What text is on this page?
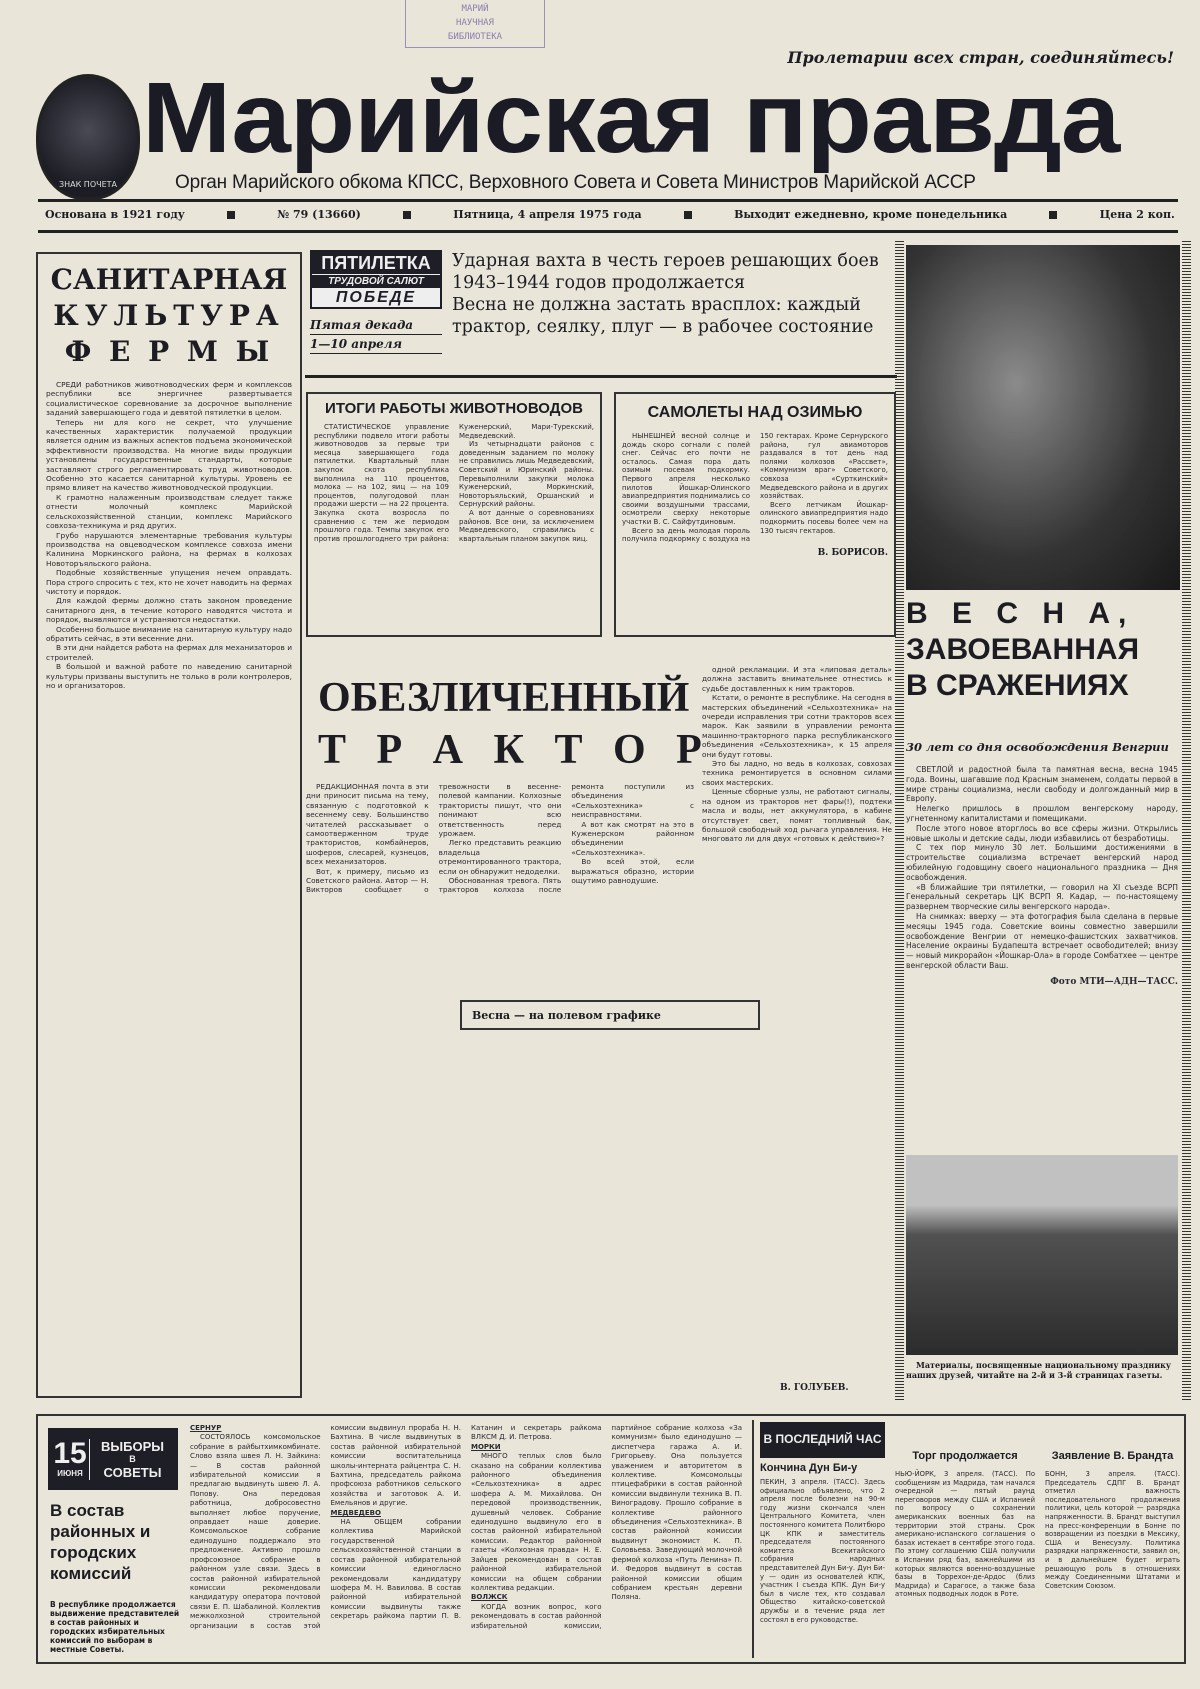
МАРИЙ
НАУЧНАЯ
БИБЛИОТЕКА
ЗНАК ПОЧЕТА
Марийская правда
Пролетарии всех стран, соединяйтесь!
Орган Марийского обкома КПСС, Верховного Совета и Совета Министров Марийской АССР
Основана в 1921 году	№ 79 (13660)	Пятница, 4 апреля 1975 года	Выходит ежедневно, кроме понедельника	Цена 2 коп.
САНИТАРНАЯ
КУЛЬТУРА
Ф Е Р М Ы

СРЕДИ работников животноводческих ферм и комплексов республики все энергичнее развертывается социалистическое соревнование за досрочное выполнение заданий завершающего года и девятой пятилетки в целом.

Теперь ни для кого не секрет, что улучшение качественных характеристик получаемой продукции является одним из важных аспектов подъема экономической эффективности производства. На многие виды продукции установлены государственные стандарты, которые заставляют строго регламентировать труд животноводов. Особенно это касается санитарной культуры. Уровень ее прямо влияет на качество животноводческой продукции.

К грамотно налаженным производствам следует также отнести молочный комплекс Марийской сельскохозяйственной станции, комплекс Марийского совхоза-техникума и ряд других.

Грубо нарушаются элементарные требования культуры производства на овцеводческом комплексе совхоза имени Калинина Моркинского района, на фермах в колхозах Новоторъяльского района.

Подобные хозяйственные упущения нечем оправдать. Пора строго спросить с тех, кто не хочет наводить на фермах чистоту и порядок.

Для каждой фермы должно стать законом проведение санитарного дня, в течение которого наводятся чистота и порядок, выявляются и устраняются недостатки.

Особенно большое внимание на санитарную культуру надо обратить сейчас, в эти весенние дни.

В эти дни найдется работа на фермах для механизаторов и строителей.

В большой и важной работе по наведению санитарной культуры призваны выступить не только в роли контролеров, но и организаторов.

ПЯТИЛЕТКА
ТРУДОВОЙ САЛЮТ
ПОБЕДЕ
Пятая декада
1—10 апреля
Ударная вахта в честь героев решающих боев 1943–1944 годов продолжается
Весна не должна застать врасплох: каждый трактор, сеялку, плуг — в рабочее состояние
ИТОГИ РАБОТЫ ЖИВОТНОВОДОВ

СТАТИСТИЧЕСКОЕ управление республики подвело итоги работы животноводов за первые три месяца завершающего года пятилетки. Квартальный план закупок скота республика выполнила на 110 процентов, молока — на 102, яиц — на 109 процентов, полугодовой план продажи шерсти — на 22 процента. Закупка скота возросла по сравнению с тем же периодом прошлого года. Темпы закупок его против прошлогоднего три района: Куженерский, Мари-Турекский, Медведевский.

Из четырнадцати районов с доведенным заданием по молоку не справились лишь Медведевский, Советский и Юринский районы. Перевыполнили закупки молока Куженерский, Моркинский, Новоторъяльский, Оршанский и Сернурский районы.

А вот данные о соревнованиях районов. Все они, за исключением Медведевского, справились с квартальным планом закупок яиц.

САМОЛЕТЫ НАД ОЗИМЬЮ

НЫНЕШНЕЙ весной солнце и дождь скоро согнали с полей снег. Сейчас его почти не осталось. Самая пора дать озимым посевам подкормку. Первого апреля несколько пилотов Йошкар-Олинского авиапредприятия поднимались со своими воздушными трассами, осмотрели сверху некоторые участки В. С. Сайфутдиновым.

Всего за день молодая пороль получила подкормку с воздуха на 150 гектарах. Кроме Сернурского района, гул авиамоторов раздавался в тот день над полями колхозов «Рассвет», «Коммунизм враг» Советского, совхоза «Сурткинский» Медведевского района и в других хозяйствах.

Всего летчикам Йошкар-олинского авиапредприятия надо подкормить посевы более чем на 130 тысяч гектаров.

В. БОРИСОВ.
ОБЕЗЛИЧЕННЫЙ
Т Р А К Т О Р

одной рекламации. И эта «липовая деталь» должна заставить внимательнее отнестись к судьбе доставленных к ним тракторов.

Кстати, о ремонте в республике. На сегодня в мастерских объединений «Сельхозтехника» на очереди исправления три сотни тракторов всех марок. Как заявили в управлении ремонта машинно-тракторного парка республиканского объединения «Сельхозтехника», к 15 апреля они будут готовы.

Это бы ладно, но ведь в колхозах, совхозах техника ремонтируется в основном силами своих мастерских.

Ценные сборные узлы, не работают сигналы, на одном из тракторов нет фары(!), подтеки масла и воды, нет аккумулятора, в кабине отсутствует свет, помят топливный бак, большой свободный ход рычага управления. Не многовато ли для двух «готовых к действию»?

РЕДАКЦИОННАЯ почта в эти дни приносит письма на тему, связанную с подготовкой к весеннему севу. Большинство читателей рассказывает о самоотверженном труде трактористов, комбайнеров, шоферов, слесарей, кузнецов, всех механизаторов.

Вот, к примеру, письмо из Советского района. Автор — Н. Викторов сообщает о тревожности в весенне-полевой кампании. Колхозные трактористы пишут, что они понимают всю ответственность перед урожаем.

Легко представить реакцию владельца отремонтированного трактора, если он обнаружит недоделки.

Обоснованная тревога. Пять тракторов колхоза после ремонта поступили из объединения «Сельхозтехника» с неисправностями.

А вот как смотрят на это в Куженерском районном объединении «Сельхозтехника».

Во всей этой, если выражаться образно, истории ощутимо равнодушие.

Весна — на полевом графике
В. ГОЛУБЕВ.
В Е С Н А,
ЗАВОЕВАННАЯ
В СРАЖЕНИЯХ
30 лет со дня освобождения Венгрии

СВЕТЛОЙ и радостной была та памятная весна, весна 1945 года. Воины, шагавшие под Красным знаменем, солдаты первой в мире страны социализма, несли свободу и долгожданный мир в Европу.

Нелегко пришлось в прошлом венгерскому народу, угнетенному капиталистами и помещиками.

После этого новое вторглось во все сферы жизни. Открылись новые школы и детские сады, люди избавились от безработицы.

С тех пор минуло 30 лет. Большими достижениями в строительстве социализма встречает венгерский народ юбилейную годовщину своего национального праздника — Дня освобождения.

«В ближайшие три пятилетки, — говорил на XI съезде ВСРП Генеральный секретарь ЦК ВСРП Я. Кадар, — по-настоящему развернем творческие силы венгерского народа».

На снимках: вверху — эта фотография была сделана в первые месяцы 1945 года. Советские воины совместно завершили освобождение Венгрии от немецко-фашистских захватчиков. Население окраины Будапешта встречает освободителей; внизу — новый микрорайон «Йошкар-Ола» в городе Сомбатхее — центре венгерской области Ваш.

Фото МТИ—АДН—ТАСС.
Материалы, посвященные национальному празднику наших друзей, читайте на 2-й и 3-й страницах газеты.
15
ИЮНЯ
ВЫБОРЫ
В
СОВЕТЫ
В состав районных и городских комиссий
В республике продолжается выдвижение представителей в состав районных и городских избирательных комиссий по выборам в местные Советы.
СЕРНУР

СОСТОЯЛОСЬ комсомольское собрание в райбытхимкомбинате. Слово взяла швея Л. Н. Зайкина: — В состав районной избирательной комиссии я предлагаю выдвинуть швею Л. А. Попову. Она передовая работница, добросовестно выполняет любое поручение, оправдает наше доверие. Комсомольское собрание единодушно поддержало это предложение. Активно прошло профсоюзное собрание в районном узле связи. Здесь в состав районной избирательной комиссии рекомендовали кандидатуру оператора почтовой связи Е. П. Шабалиной. Коллектив межколхозной строительной организации в состав этой комиссии выдвинул прораба Н. Н. Бахтина. В числе выдвинутых в состав районной избирательной комиссии воспитательница школы-интерната райцентра С. Н. Бахтина, председатель райкома профсоюза работников сельского хозяйства и заготовок А. И. Емельянов и другие.

МЕДВЕДЕВО

НА ОБЩЕМ собрании коллектива Марийской государственной сельскохозяйственной станции в состав районной избирательной комиссии единогласно рекомендовали кандидатуру шофера М. Н. Вавилова. В состав районной избирательной комиссии выдвинуты также секретарь райкома партии П. В. Катанин и секретарь райкома ВЛКСМ Д. И. Петрова.

МОРКИ

МНОГО теплых слов было сказано на собрании коллектива районного объединения «Сельхозтехника» в адрес шофера А. М. Михайлова. Он передовой производственник, душевный человек. Собрание единодушно выдвинуло его в состав районной избирательной комиссии. Редактор районной газеты «Колхозная правда» Н. Е. Зайцев рекомендован в состав районной избирательной комиссии на общем собрании коллектива редакции.

ВОЛЖСК

КОГДА возник вопрос, кого рекомендовать в состав районной избирательной комиссии, партийное собрание колхоза «За коммунизм» было единодушно — диспетчера гаража А. И. Григорьеву. Она пользуется уважением и авторитетом в коллективе. Комсомольцы птицефабрики в состав районной комиссии выдвинули техника В. П. Виноградову. Прошло собрание в коллективе районного объединения «Сельхозтехника». В состав районной комиссии выдвинут экономист К. П. Соловьева. Заведующий молочной фермой колхоза «Путь Ленина» П. И. Федоров выдвинут в состав районной комиссии общим собранием крестьян деревни Поляна.

В ПОСЛЕДНИЙ ЧАС
Кончина Дун Би-у
ПЕКИН, 3 апреля. (ТАСС). Здесь официально объявлено, что 2 апреля после болезни на 90-м году жизни скончался член Центрального Комитета, член постоянного комитета Политбюро ЦК КПК и заместитель председателя постоянного комитета Всекитайского собрания народных представителей Дун Би-у. Дун Би-у — один из основателей КПК, участник I съезда КПК. Дун Би-у был в числе тех, кто создавал Общество китайско-советской дружбы и в течение ряда лет состоял в его руководстве.
Торг продолжается
НЬЮ-ЙОРК, 3 апреля. (ТАСС). По сообщениям из Мадрида, там начался очередной — пятый раунд переговоров между США и Испанией по вопросу о сохранении американских военных баз на территории этой страны. Срок американо-испанского соглашения о базах истекает в сентябре этого года. По этому соглашению США получили в Испании ряд баз, важнейшими из которых являются военно-воздушные базы в Торрехон-де-Ардос (близ Мадрида) и Сарагосе, а также база атомных подводных лодок в Роте.
Заявление В. Брандта
БОНН, 3 апреля. (ТАСС). Председатель СДПГ В. Брандт отметил важность последовательного продолжения политики, цель которой — разрядка напряженности. В. Брандт выступил на пресс-конференции в Бонне по возвращении из поездки в Мексику, США и Венесуэлу. Политика разрядки напряженности, заявил он, и в дальнейшем будет играть решающую роль в отношениях между Соединенными Штатами и Советским Союзом.
